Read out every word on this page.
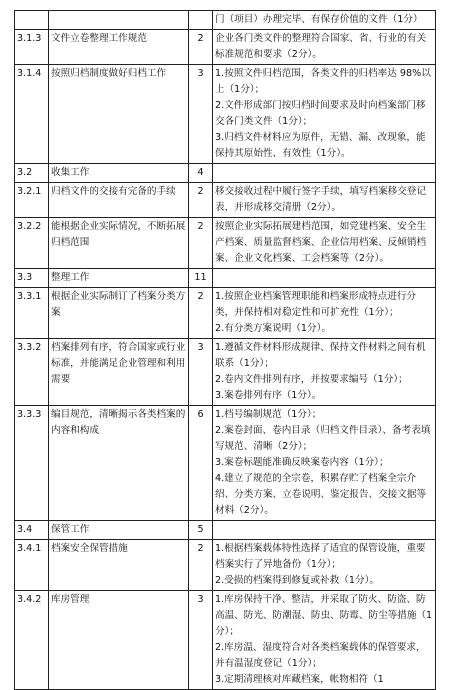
			门（项目）办理完毕、有保存价值的文件（1分）

3.1.3	文件立卷整理工作规范	2	企业各门类文件的整理符合国家、省、行业的有关标准规范和要求（2分）。

3.1.4	按照归档制度做好归档工作	3	1.按照文件归档范围，各类文件的归档率达 98%以上（1分）；
2.文件形成部门按归档时间要求及时向档案部门移交各门类文件（1分）；
3.归档文件材料应为原件，无错、漏、改现象，能保持其原始性、有效性（1分）。

3.2	收集工作	4	
3.2.1	归档文件的交接有完备的手续	2	移交接收过程中履行签字手续，填写档案移交登记表，并形成移交清册（2分）。

3.2.2	能根据企业实际情况，不断拓展归档范围	2	按照企业实际拓展建档范围，如党建档案、安全生产档案、质量监督档案、企业信用档案、反倾销档案、企业文化档案、工会档案等（2分）。

3.3	整理工作	11	
3.3.1	根据企业实际制订了档案分类方案	2	1.按照企业档案管理职能和档案形成特点进行分类，并保持相对稳定性和可扩充性（1分）；
2.有分类方案说明（1分）。

3.3.2	档案排列有序，符合国家或行业标准，并能满足企业管理和利用需要	3	1.遵循文件材料形成规律、保持文件材料之间有机联系（1分）；
2.卷内文件排列有序，并按要求编号（1分）；
3.案卷排列有序（1分）。

3.3.3	编目规范，清晰揭示各类档案的内容和构成	6	1.档号编制规范（1分）；
2.案卷封面、卷内目录（归档文件目录）、备考表填写规范、清晰（2分）；
3.案卷标题能准确反映案卷内容（1分）；
4.建立了规范的全宗卷，积累存贮了档案全宗介绍、分类方案、立卷说明、鉴定报告、交接文据等材料（2分）。

3.4	保管工作	5	
3.4.1	档案安全保管措施	2	1.根据档案载体特性选择了适宜的保管设施，重要档案实行了异地备份（1分）；
2.受损的档案得到修复或补救（1分）。

3.4.2	库房管理	3	1.库房保持干净、整洁，并采取了防火、防盗、防高温、防光、防潮湿、防虫、防霉、防尘等措施（1分）；
2.库房温、湿度符合对各类档案载体的保管要求，并有温湿度登记（1分）；
3.定期清理核对库藏档案，帐物相符（1
